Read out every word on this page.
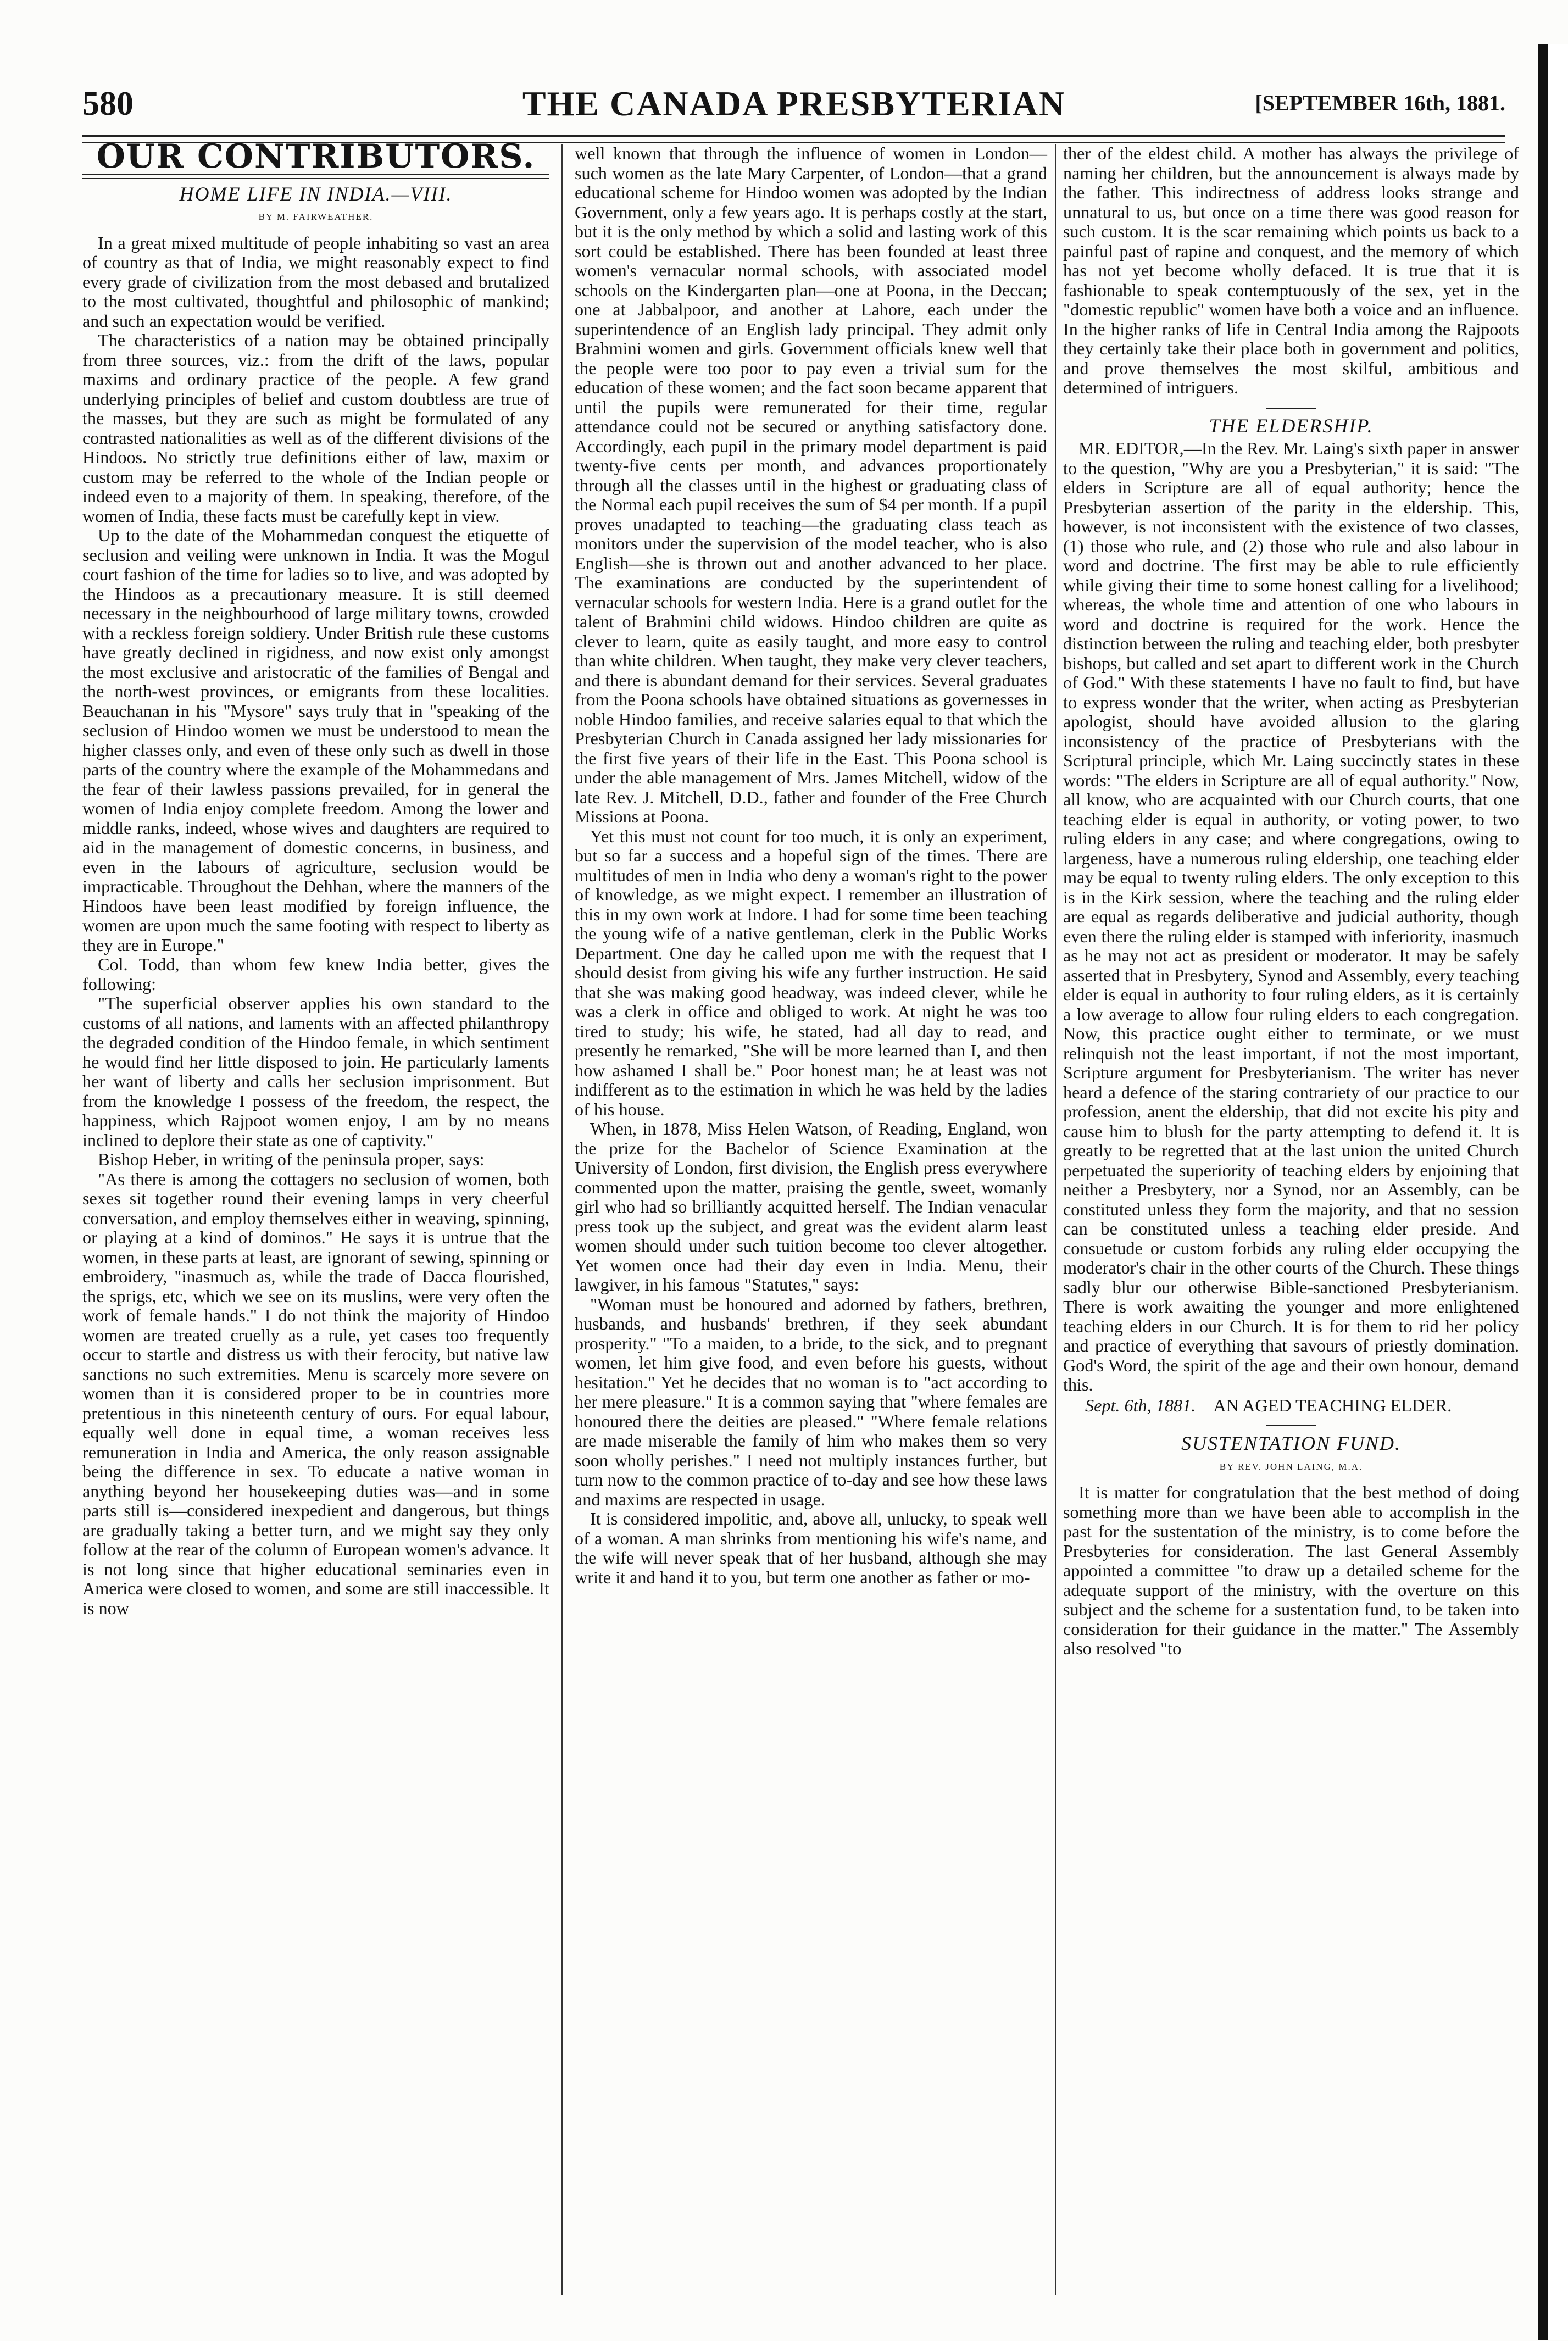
580	THE CANADA PRESBYTERIAN	[SEPTEMBER 16th, 1881.
OUR CONTRIBUTORS.
HOME LIFE IN INDIA.—VIII.
BY M. FAIRWEATHER.

In a great mixed multitude of people inhabiting so vast an area of country as that of India, we might reasonably expect to find every grade of civilization from the most debased and brutalized to the most cultivated, thoughtful and philosophic of mankind; and such an expectation would be verified.

The characteristics of a nation may be obtained principally from three sources, viz.: from the drift of the laws, popular maxims and ordinary practice of the people. A few grand underlying principles of belief and custom doubtless are true of the masses, but they are such as might be formulated of any contrasted nationalities as well as of the different divisions of the Hindoos. No strictly true definitions either of law, maxim or custom may be referred to the whole of the Indian people or indeed even to a majority of them. In speaking, therefore, of the women of India, these facts must be carefully kept in view.

Up to the date of the Mohammedan conquest the etiquette of seclusion and veiling were unknown in India. It was the Mogul court fashion of the time for ladies so to live, and was adopted by the Hindoos as a precautionary measure. It is still deemed necessary in the neighbourhood of large military towns, crowded with a reckless foreign soldiery. Under British rule these customs have greatly declined in rigidness, and now exist only amongst the most exclusive and aristocratic of the families of Bengal and the north-west provinces, or emigrants from these localities. Beauchanan in his "Mysore" says truly that in "speaking of the seclusion of Hindoo women we must be understood to mean the higher classes only, and even of these only such as dwell in those parts of the country where the example of the Mohammedans and the fear of their lawless passions prevailed, for in general the women of India enjoy complete freedom. Among the lower and middle ranks, indeed, whose wives and daughters are required to aid in the management of domestic concerns, in business, and even in the labours of agriculture, seclusion would be impracticable. Throughout the Dehhan, where the manners of the Hindoos have been least modified by foreign influence, the women are upon much the same footing with respect to liberty as they are in Europe."

Col. Todd, than whom few knew India better, gives the following:

"The superficial observer applies his own standard to the customs of all nations, and laments with an affected philanthropy the degraded condition of the Hindoo female, in which sentiment he would find her little disposed to join. He particularly laments her want of liberty and calls her seclusion imprisonment. But from the knowledge I possess of the freedom, the respect, the happiness, which Rajpoot women enjoy, I am by no means inclined to deplore their state as one of captivity."

Bishop Heber, in writing of the peninsula proper, says:

"As there is among the cottagers no seclusion of women, both sexes sit together round their evening lamps in very cheerful conversation, and employ themselves either in weaving, spinning, or playing at a kind of dominos." He says it is untrue that the women, in these parts at least, are ignorant of sewing, spinning or embroidery, "inasmuch as, while the trade of Dacca flourished, the sprigs, etc, which we see on its muslins, were very often the work of female hands." I do not think the majority of Hindoo women are treated cruelly as a rule, yet cases too frequently occur to startle and distress us with their ferocity, but native law sanctions no such extremities. Menu is scarcely more severe on women than it is considered proper to be in countries more pretentious in this nineteenth century of ours. For equal labour, equally well done in equal time, a woman receives less remuneration in India and America, the only reason assignable being the difference in sex. To educate a native woman in anything beyond her housekeeping duties was—and in some parts still is—considered inexpedient and dangerous, but things are gradually taking a better turn, and we might say they only follow at the rear of the column of European women's advance. It is not long since that higher educational seminaries even in America were closed to women, and some are still inaccessible. It is now

well known that through the influence of women in London—such women as the late Mary Carpenter, of London—that a grand educational scheme for Hindoo women was adopted by the Indian Government, only a few years ago. It is perhaps costly at the start, but it is the only method by which a solid and lasting work of this sort could be established. There has been founded at least three women's vernacular normal schools, with associated model schools on the Kindergarten plan—one at Poona, in the Deccan; one at Jabbalpoor, and another at Lahore, each under the superintendence of an English lady principal. They admit only Brahmini women and girls. Government officials knew well that the people were too poor to pay even a trivial sum for the education of these women; and the fact soon became apparent that until the pupils were remunerated for their time, regular attendance could not be secured or anything satisfactory done. Accordingly, each pupil in the primary model department is paid twenty-five cents per month, and advances proportionately through all the classes until in the highest or graduating class of the Normal each pupil receives the sum of $4 per month. If a pupil proves unadapted to teaching—the graduating class teach as monitors under the supervision of the model teacher, who is also English—she is thrown out and another advanced to her place. The examinations are conducted by the superintendent of vernacular schools for western India. Here is a grand outlet for the talent of Brahmini child widows. Hindoo children are quite as clever to learn, quite as easily taught, and more easy to control than white children. When taught, they make very clever teachers, and there is abundant demand for their services. Several graduates from the Poona schools have obtained situations as governesses in noble Hindoo families, and receive salaries equal to that which the Presbyterian Church in Canada assigned her lady missionaries for the first five years of their life in the East. This Poona school is under the able management of Mrs. James Mitchell, widow of the late Rev. J. Mitchell, D.D., father and founder of the Free Church Missions at Poona.

Yet this must not count for too much, it is only an experiment, but so far a success and a hopeful sign of the times. There are multitudes of men in India who deny a woman's right to the power of knowledge, as we might expect. I remember an illustration of this in my own work at Indore. I had for some time been teaching the young wife of a native gentleman, clerk in the Public Works Department. One day he called upon me with the request that I should desist from giving his wife any further instruction. He said that she was making good headway, was indeed clever, while he was a clerk in office and obliged to work. At night he was too tired to study; his wife, he stated, had all day to read, and presently he remarked, "She will be more learned than I, and then how ashamed I shall be." Poor honest man; he at least was not indifferent as to the estimation in which he was held by the ladies of his house.

When, in 1878, Miss Helen Watson, of Reading, England, won the prize for the Bachelor of Science Examination at the University of London, first division, the English press everywhere commented upon the matter, praising the gentle, sweet, womanly girl who had so brilliantly acquitted herself. The Indian venacular press took up the subject, and great was the evident alarm least women should under such tuition become too clever altogether. Yet women once had their day even in India. Menu, their lawgiver, in his famous "Statutes," says:

"Woman must be honoured and adorned by fathers, brethren, husbands, and husbands' brethren, if they seek abundant prosperity." "To a maiden, to a bride, to the sick, and to pregnant women, let him give food, and even before his guests, without hesitation." Yet he decides that no woman is to "act according to her mere pleasure." It is a common saying that "where females are honoured there the deities are pleased." "Where female relations are made miserable the family of him who makes them so very soon wholly perishes." I need not multiply instances further, but turn now to the common practice of to-day and see how these laws and maxims are respected in usage.

It is considered impolitic, and, above all, unlucky, to speak well of a woman. A man shrinks from mentioning his wife's name, and the wife will never speak that of her husband, although she may write it and hand it to you, but term one another as father or mo-

ther of the eldest child. A mother has always the privilege of naming her children, but the announcement is always made by the father. This indirectness of address looks strange and unnatural to us, but once on a time there was good reason for such custom. It is the scar remaining which points us back to a painful past of rapine and conquest, and the memory of which has not yet become wholly defaced. It is true that it is fashionable to speak contemptuously of the sex, yet in the "domestic republic" women have both a voice and an influence. In the higher ranks of life in Central India among the Rajpoots they certainly take their place both in government and politics, and prove themselves the most skilful, ambitious and determined of intriguers.

THE ELDERSHIP.

MR. EDITOR,—In the Rev. Mr. Laing's sixth paper in answer to the question, "Why are you a Presbyterian," it is said: "The elders in Scripture are all of equal authority; hence the Presbyterian assertion of the parity in the eldership. This, however, is not inconsistent with the existence of two classes, (1) those who rule, and (2) those who rule and also labour in word and doctrine. The first may be able to rule efficiently while giving their time to some honest calling for a livelihood; whereas, the whole time and attention of one who labours in word and doctrine is required for the work. Hence the distinction between the ruling and teaching elder, both presbyter bishops, but called and set apart to different work in the Church of God." With these statements I have no fault to find, but have to express wonder that the writer, when acting as Presbyterian apologist, should have avoided allusion to the glaring inconsistency of the practice of Presbyterians with the Scriptural principle, which Mr. Laing succinctly states in these words: "The elders in Scripture are all of equal authority." Now, all know, who are acquainted with our Church courts, that one teaching elder is equal in authority, or voting power, to two ruling elders in any case; and where congregations, owing to largeness, have a numerous ruling eldership, one teaching elder may be equal to twenty ruling elders. The only exception to this is in the Kirk session, where the teaching and the ruling elder are equal as regards deliberative and judicial authority, though even there the ruling elder is stamped with inferiority, inasmuch as he may not act as president or moderator. It may be safely asserted that in Presbytery, Synod and Assembly, every teaching elder is equal in authority to four ruling elders, as it is certainly a low average to allow four ruling elders to each congregation. Now, this practice ought either to terminate, or we must relinquish not the least important, if not the most important, Scripture argument for Presbyterianism. The writer has never heard a defence of the staring contrariety of our practice to our profession, anent the eldership, that did not excite his pity and cause him to blush for the party attempting to defend it. It is greatly to be regretted that at the last union the united Church perpetuated the superiority of teaching elders by enjoining that neither a Presbytery, nor a Synod, nor an Assembly, can be constituted unless they form the majority, and that no session can be constituted unless a teaching elder preside. And consuetude or custom forbids any ruling elder occupying the moderator's chair in the other courts of the Church. These things sadly blur our otherwise Bible-sanctioned Presbyterianism. There is work awaiting the younger and more enlightened teaching elders in our Church. It is for them to rid her policy and practice of everything that savours of priestly domination. God's Word, the spirit of the age and their own honour, demand this.

Sept. 6th, 1881. AN AGED TEACHING ELDER.

SUSTENTATION FUND.
BY REV. JOHN LAING, M.A.

It is matter for congratulation that the best method of doing something more than we have been able to accomplish in the past for the sustentation of the ministry, is to come before the Presbyteries for consideration. The last General Assembly appointed a committee "to draw up a detailed scheme for the adequate support of the ministry, with the overture on this subject and the scheme for a sustentation fund, to be taken into consideration for their guidance in the matter." The Assembly also resolved "to
